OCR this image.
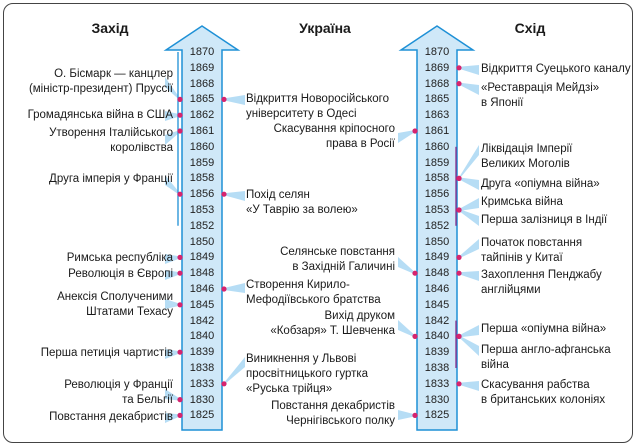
Захід	Україна	Схід
О. Бісмарк — канцлер
(міністр-президент) Пруссії
Громадянська війна в США
Утворення Італійського
королівства
Друга імперія у Франції
Римська республіка
Революція в Європі
Анексія Сполученими
Штатами Техасу
Перша петиція чартистів
Революція у Франції
та Бельгії
Повстання декабристів
Відкриття Новоросійського
університету в Одесі
Скасування кріпосного
права в Росії
Похід селян
«У Таврію за волею»
Селянське повстання
в Західній Галичині
Створення Кирило-
Мефодіївського братства
Вихід друком
«Кобзаря» Т. Шевченка
Виникнення у Львові
просвітницького гуртка
«Руська трійця»
Повстання декабристів
Чернігівського полку
Відкриття Суецького каналу
«Реставрація Мейдзі»
в Японії
Ліквідація Імперії
Великих Моголів
Друга «опіумна війна»
Кримська війна
Перша залізниця в Індії
Початок повстання
тайпінів у Китаї
Захоплення Пенджабу
англійцями
Перша «опіумна війна»
Перша англо-афганська
війна
Скасування рабства
в британських колоніях
1870
1869
1868
1865
1862
1861
1860
1859
1858
1856
1853
1852
1850
1849
1848
1846
1845
1842
1840
1839
1838
1833
1830
1825
1870
1869
1868
1865
1863
1861
1860
1859
1858
1856
1853
1852
1850
1849
1848
1846
1845
1842
1840
1839
1838
1833
1830
1825
